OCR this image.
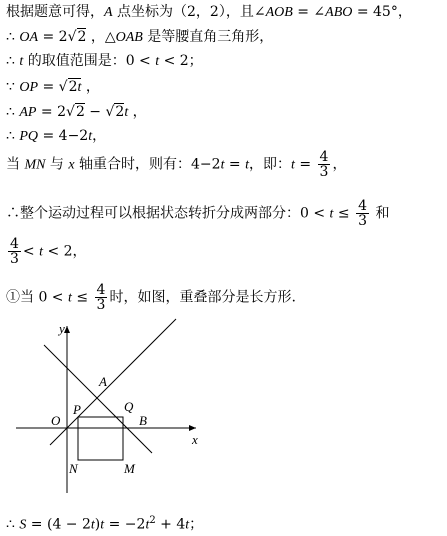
根据题意可得，A 点坐标为（2，2），且∠AOB = ∠ABO = 45°，
∴ OA = 2√2 ，△OAB 是等腰直角三角形，
∴ t 的取值范围是：0 < t < 2；
∵ OP = √2t ，
∴ AP = 2√2 − √2t ，
∴ PQ = 4−2t，
当 MN 与 x 轴重合时，则有：4−2t = t，即：$t = \frac{4}{3}$ ，
∴整个运动过程可以根据状态转折分成两部分：$0 < t \le \frac{4}{3}$ 和
$\frac{4}{3} < t < 2$，
①当 $0 < t \le \frac{4}{3}$ 时，如图，重叠部分是长方形.
y
x
A
O
P	Q
B
N	M
∴ $S = (4 - 2t)t = -2t^2 + 4t$；
